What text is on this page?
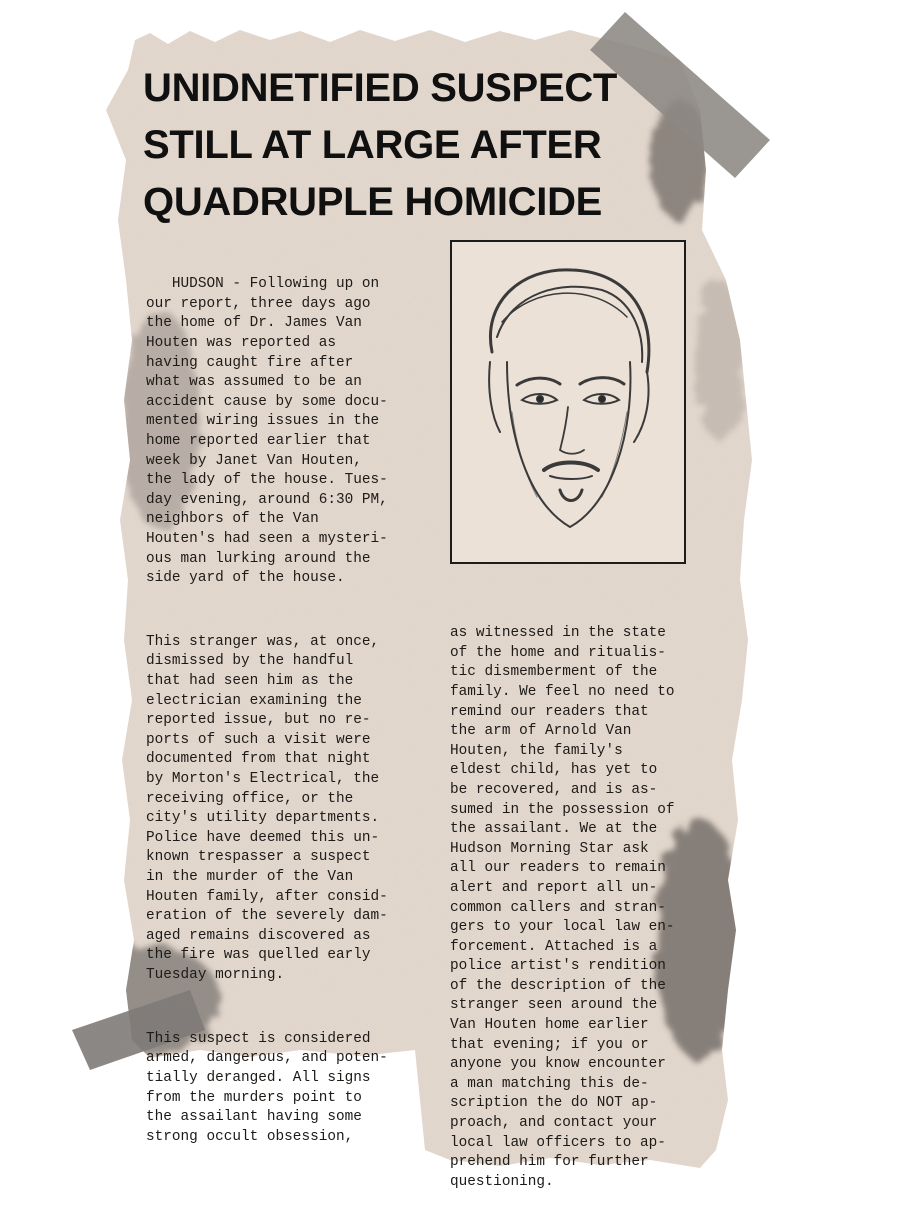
UNIDNETIFIED SUSPECT
STILL AT LARGE AFTER
QUADRUPLE HOMICIDE

HUDSON - Following up on
our report, three days ago
the home of Dr. James Van
Houten was reported as
having caught fire after
what was assumed to be an
accident cause by some docu-
mented wiring issues in the
home reported earlier that
week by Janet Van Houten,
the lady of the house. Tues-
day evening, around 6:30 PM,
neighbors of the Van
Houten's had seen a mysteri-
ous man lurking around the
side yard of the house.

This stranger was, at once,
dismissed by the handful
that had seen him as the
electrician examining the
reported issue, but no re-
ports of such a visit were
documented from that night
by Morton's Electrical, the
receiving office, or the
city's utility departments.
Police have deemed this un-
known trespasser a suspect
in the murder of the Van
Houten family, after consid-
eration of the severely dam-
aged remains discovered as
the fire was quelled early
Tuesday morning.

This suspect is considered
armed, dangerous, and poten-
tially deranged. All signs
from the murders point to
the assailant having some
strong occult obsession,

as witnessed in the state
of the home and ritualis-
tic dismemberment of the
family. We feel no need to
remind our readers that
the arm of Arnold Van
Houten, the family's
eldest child, has yet to
be recovered, and is as-
sumed in the possession of
the assailant. We at the
Hudson Morning Star ask
all our readers to remain
alert and report all un-
common callers and stran-
gers to your local law en-
forcement. Attached is a
police artist's rendition
of the description of the
stranger seen around the
Van Houten home earlier
that evening; if you or
anyone you know encounter
a man matching this de-
scription the do NOT ap-
proach, and contact your
local law officers to ap-
prehend him for further
questioning.
